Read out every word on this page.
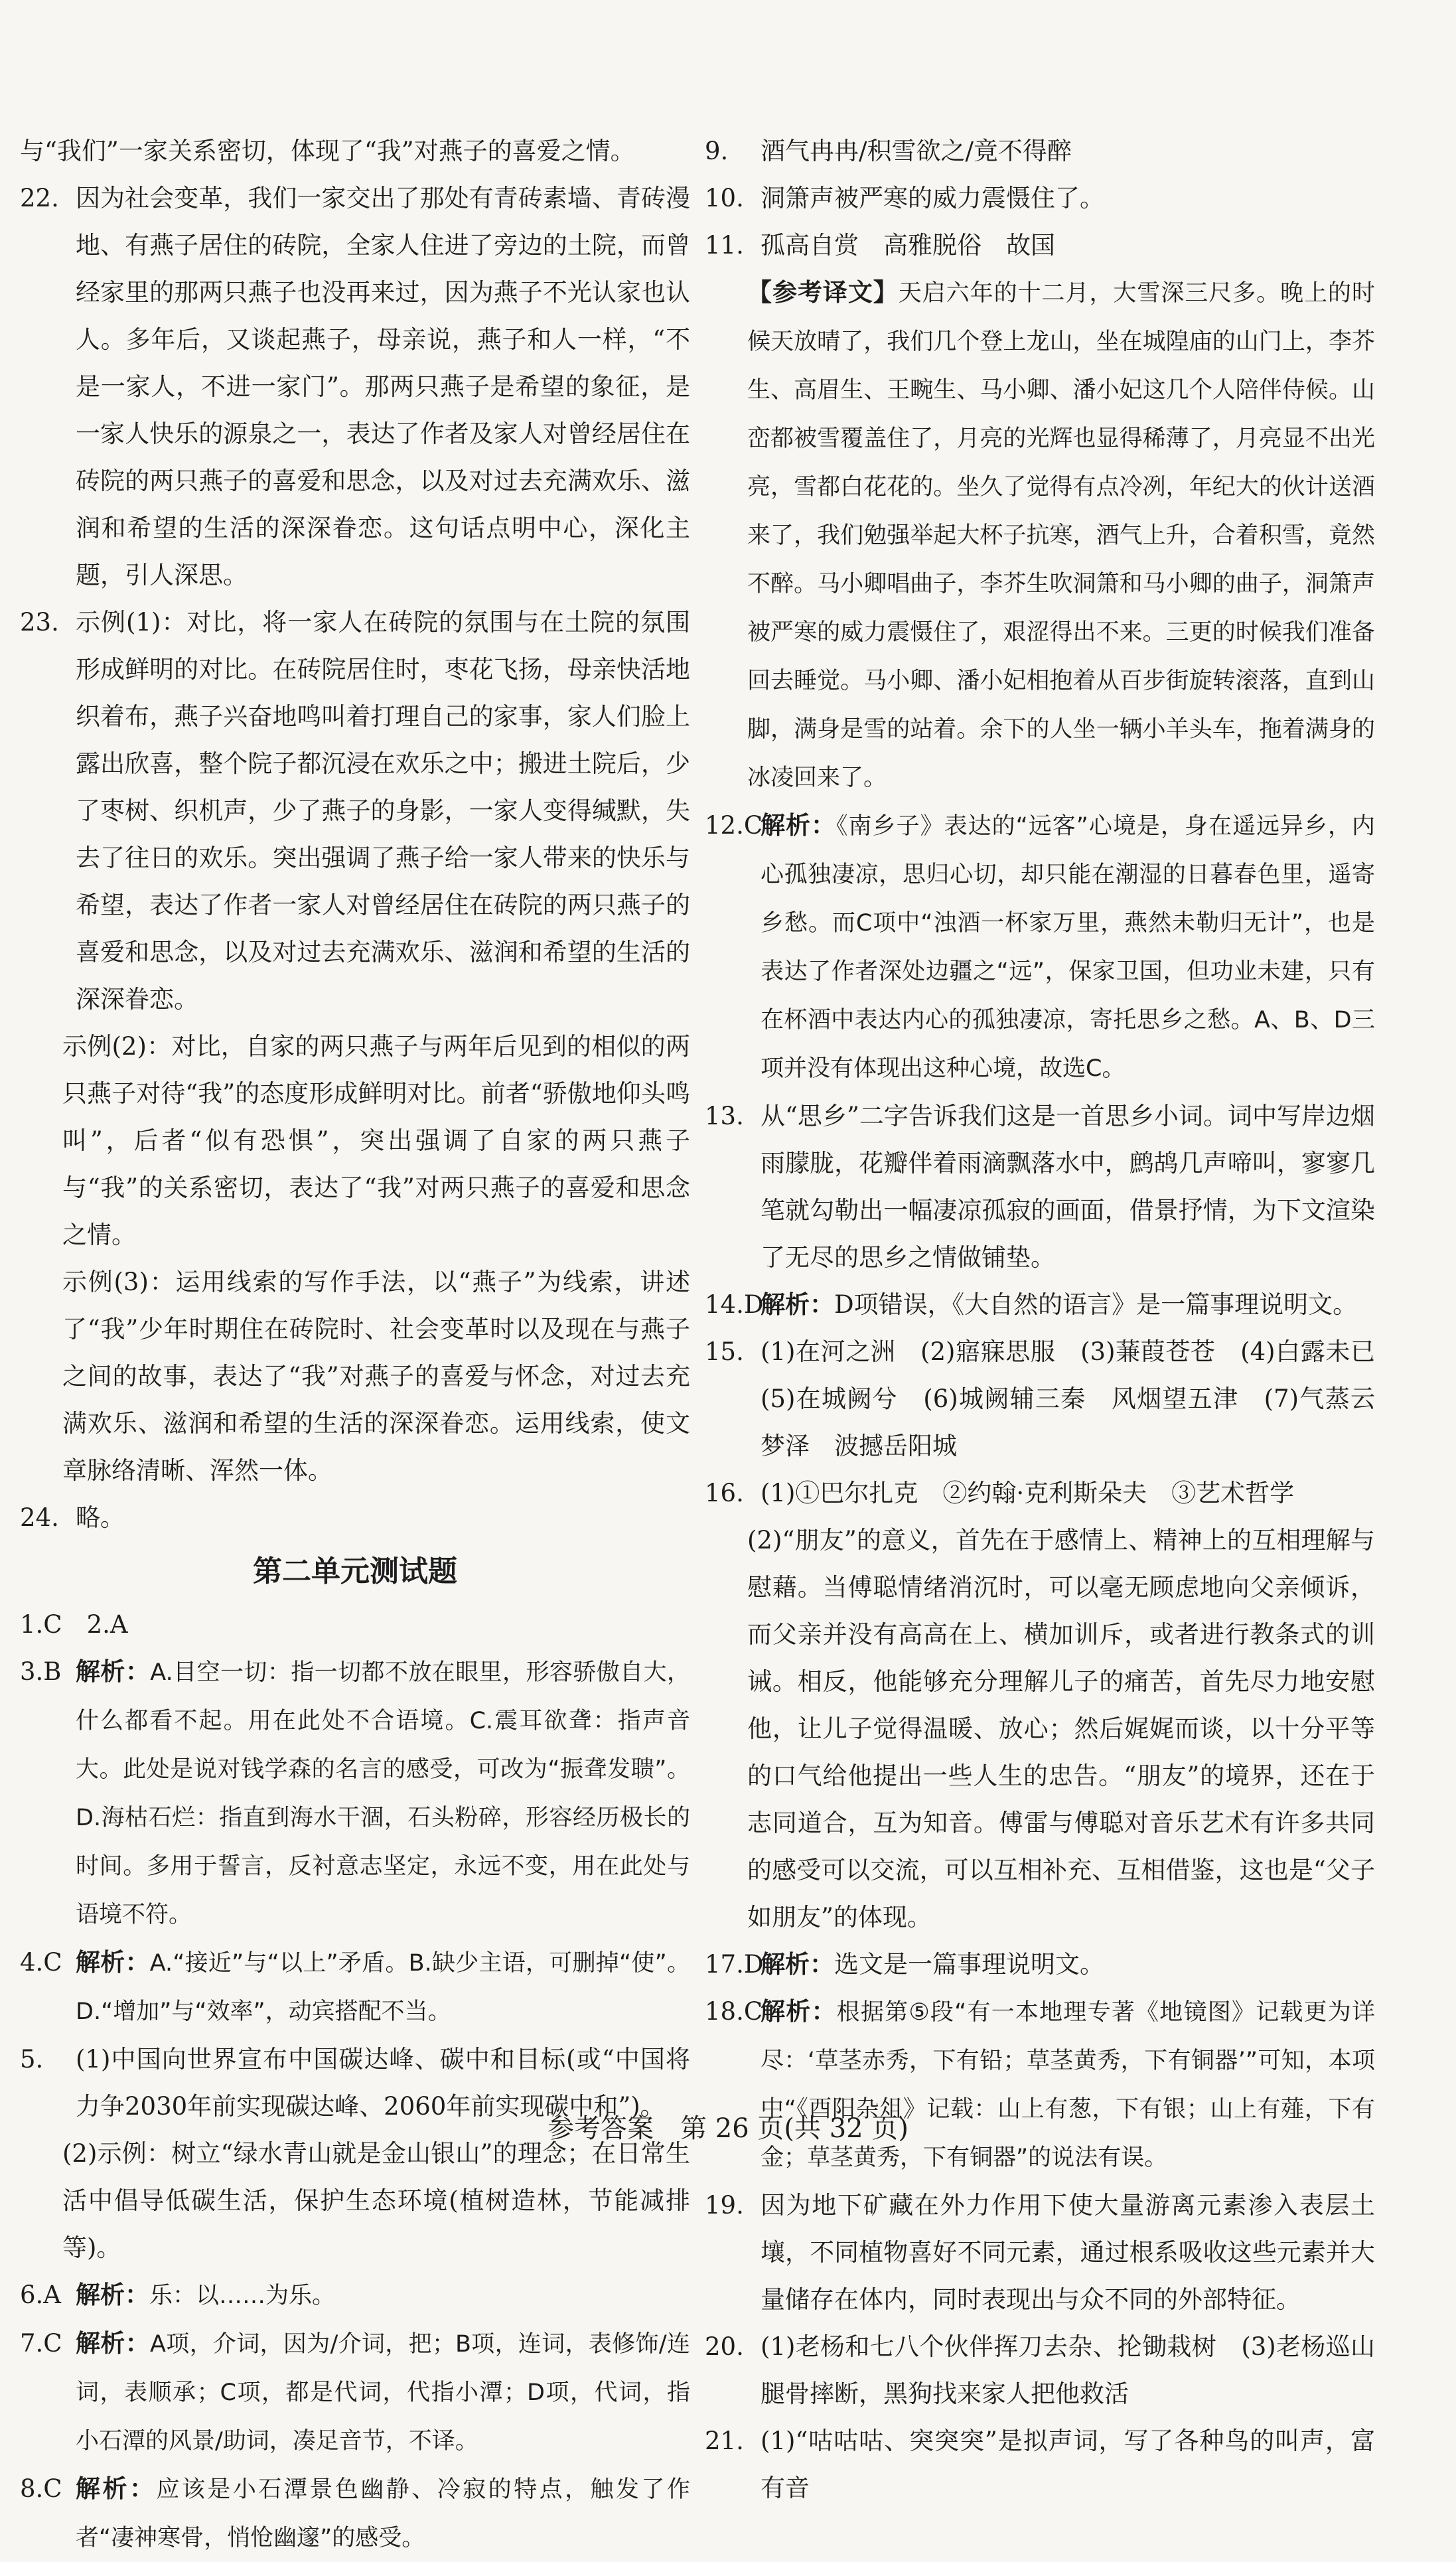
与“我们”一家关系密切，体现了“我”对燕子的喜爱之情。
22. 因为社会变革，我们一家交出了那处有青砖素墙、青砖漫地、有燕子居住的砖院，全家人住进了旁边的土院，而曾经家里的那两只燕子也没再来过，因为燕子不光认家也认人。多年后，又谈起燕子，母亲说，燕子和人一样，“不是一家人，不进一家门”。那两只燕子是希望的象征，是一家人快乐的源泉之一，表达了作者及家人对曾经居住在砖院的两只燕子的喜爱和思念，以及对过去充满欢乐、滋润和希望的生活的深深眷恋。这句话点明中心，深化主题，引人深思。
23. 示例(1)：对比，将一家人在砖院的氛围与在土院的氛围形成鲜明的对比。在砖院居住时，枣花飞扬，母亲快活地织着布，燕子兴奋地鸣叫着打理自己的家事，家人们脸上露出欣喜，整个院子都沉浸在欢乐之中；搬进土院后，少了枣树、织机声，少了燕子的身影，一家人变得缄默，失去了往日的欢乐。突出强调了燕子给一家人带来的快乐与希望，表达了作者一家人对曾经居住在砖院的两只燕子的喜爱和思念，以及对过去充满欢乐、滋润和希望的生活的深深眷恋。
示例(2)：对比，自家的两只燕子与两年后见到的相似的两只燕子对待“我”的态度形成鲜明对比。前者“骄傲地仰头鸣叫”，后者“似有恐惧”，突出强调了自家的两只燕子与“我”的关系密切，表达了“我”对两只燕子的喜爱和思念之情。
示例(3)：运用线索的写作手法，以“燕子”为线索，讲述了“我”少年时期住在砖院时、社会变革时以及现在与燕子之间的故事，表达了“我”对燕子的喜爱与怀念，对过去充满欢乐、滋润和希望的生活的深深眷恋。运用线索，使文章脉络清晰、浑然一体。
24. 略。
第二单元测试题
1.C　2.A
3.B 解析：A.目空一切：指一切都不放在眼里，形容骄傲自大，什么都看不起。用在此处不合语境。C.震耳欲聋：指声音大。此处是说对钱学森的名言的感受，可改为“振聋发聩”。D.海枯石烂：指直到海水干涸，石头粉碎，形容经历极长的时间。多用于誓言，反衬意志坚定，永远不变，用在此处与语境不符。
4.C 解析：A.“接近”与“以上”矛盾。B.缺少主语，可删掉“使”。D.“增加”与“效率”，动宾搭配不当。
5. (1)中国向世界宣布中国碳达峰、碳中和目标(或“中国将力争2030年前实现碳达峰、2060年前实现碳中和”)。
(2)示例：树立“绿水青山就是金山银山”的理念；在日常生活中倡导低碳生活，保护生态环境(植树造林，节能减排等)。
6.A 解析：乐：以……为乐。
7.C 解析：A项，介词，因为/介词，把；B项，连词，表修饰/连词，表顺承；C项，都是代词，代指小潭；D项，代词，指小石潭的风景/助词，凑足音节，不译。
8.C 解析：应该是小石潭景色幽静、冷寂的特点，触发了作者“凄神寒骨，悄怆幽邃”的感受。
9. 酒气冉冉/积雪欲之/竟不得醉
10. 洞箫声被严寒的威力震慑住了。
11. 孤高自赏　高雅脱俗　故国
【参考译文】天启六年的十二月，大雪深三尺多。晚上的时候天放晴了，我们几个登上龙山，坐在城隍庙的山门上，李芥生、高眉生、王畹生、马小卿、潘小妃这几个人陪伴侍候。山峦都被雪覆盖住了，月亮的光辉也显得稀薄了，月亮显不出光亮，雪都白花花的。坐久了觉得有点冷冽，年纪大的伙计送酒来了，我们勉强举起大杯子抗寒，酒气上升，合着积雪，竟然不醉。马小卿唱曲子，李芥生吹洞箫和马小卿的曲子，洞箫声被严寒的威力震慑住了，艰涩得出不来。三更的时候我们准备回去睡觉。马小卿、潘小妃相抱着从百步街旋转滚落，直到山脚，满身是雪的站着。余下的人坐一辆小羊头车，拖着满身的冰凌回来了。
12.C
解析：《南乡子》表达的“远客”心境是，身在遥远异乡，内心孤独凄凉，思归心切，却只能在潮湿的日暮春色里，遥寄乡愁。而C项中“浊酒一杯家万里，燕然未勒归无计”，也是表达了作者深处边疆之“远”，保家卫国，但功业未建，只有在杯酒中表达内心的孤独凄凉，寄托思乡之愁。A、B、D三项并没有体现出这种心境，故选C。
13. 从“思乡”二字告诉我们这是一首思乡小词。词中写岸边烟雨朦胧，花瓣伴着雨滴飘落水中，鹧鸪几声啼叫，寥寥几笔就勾勒出一幅凄凉孤寂的画面，借景抒情，为下文渲染了无尽的思乡之情做铺垫。
14.D
解析：D项错误，《大自然的语言》是一篇事理说明文。
15. (1)在河之洲　(2)寤寐思服　(3)蒹葭苍苍　(4)白露未已　(5)在城阙兮　(6)城阙辅三秦　风烟望五津　(7)气蒸云梦泽　波撼岳阳城
16. (1)①巴尔扎克　②约翰·克利斯朵夫　③艺术哲学
(2)“朋友”的意义，首先在于感情上、精神上的互相理解与慰藉。当傅聪情绪消沉时，可以毫无顾虑地向父亲倾诉，而父亲并没有高高在上、横加训斥，或者进行教条式的训诫。相反，他能够充分理解儿子的痛苦，首先尽力地安慰他，让儿子觉得温暖、放心；然后娓娓而谈，以十分平等的口气给他提出一些人生的忠告。“朋友”的境界，还在于志同道合，互为知音。傅雷与傅聪对音乐艺术有许多共同的感受可以交流，可以互相补充、互相借鉴，这也是“父子如朋友”的体现。
17.D
解析：选文是一篇事理说明文。
18.C
解析：根据第⑤段“有一本地理专著《地镜图》记载更为详尽：‘草茎赤秀，下有铅；草茎黄秀，下有铜器’”可知，本项中“《酉阳杂俎》记载：山上有葱，下有银；山上有薤，下有金；草茎黄秀，下有铜器”的说法有误。
19. 因为地下矿藏在外力作用下使大量游离元素渗入表层土壤，不同植物喜好不同元素，通过根系吸收这些元素并大量储存在体内，同时表现出与众不同的外部特征。
20. (1)老杨和七八个伙伴挥刀去杂、抡锄栽树　(3)老杨巡山腿骨摔断，黑狗找来家人把他救活
21. (1)“咕咕咕、突突突”是拟声词，写了各种鸟的叫声，富有音
参考答案　第 26 页(共 32 页)
